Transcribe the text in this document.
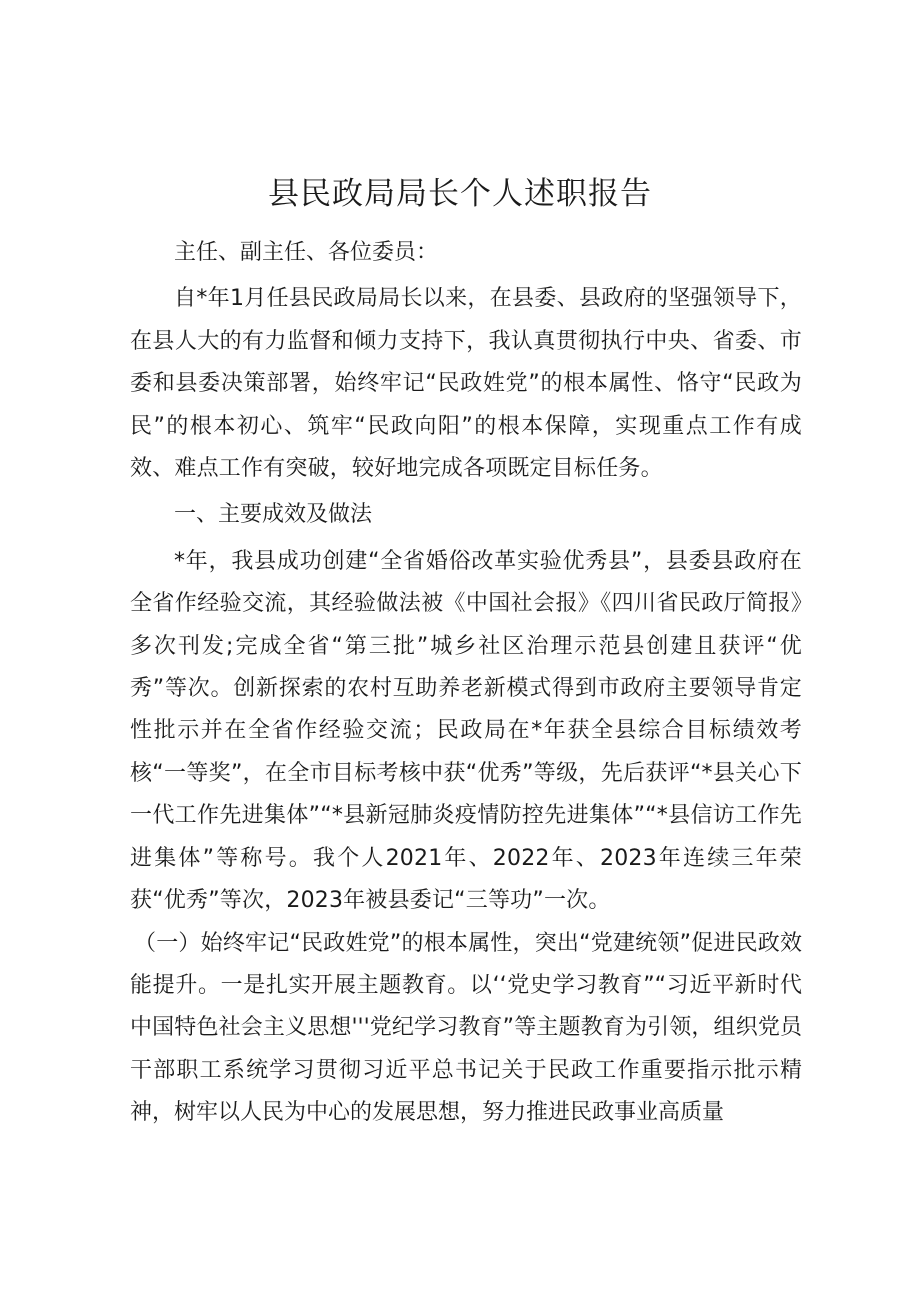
县民政局局长个人述职报告

主任、副主任、各位委员：

自*年1月任县民政局局长以来，在县委、县政府的坚强领导下，在县人大的有力监督和倾力支持下，我认真贯彻执行中央、省委、市委和县委决策部署，始终牢记“民政姓党”的根本属性、恪守“民政为民”的根本初心、筑牢“民政向阳”的根本保障，实现重点工作有成效、难点工作有突破，较好地完成各项既定目标任务。

一、主要成效及做法

*年，我县成功创建“全省婚俗改革实验优秀县”，县委县政府在全省作经验交流，其经验做法被《中国社会报》《四川省民政厅简报》多次刊发;完成全省“第三批”城乡社区治理示范县创建且获评“优秀”等次。创新探索的农村互助养老新模式得到市政府主要领导肯定性批示并在全省作经验交流；民政局在*年获全县综合目标绩效考核“一等奖”，在全市目标考核中获“优秀”等级，先后获评“*县关心下一代工作先进集体”“*县新冠肺炎疫情防控先进集体”“*县信访工作先进集体”等称号。我个人2021年、2022年、2023年连续三年荣获“优秀”等次，2023年被县委记“三等功”一次。

（一）始终牢记“民政姓党”的根本属性，突出“党建统领”促进民政效能提升。一是扎实开展主题教育。以‘‘党史学习教育”“习近平新时代中国特色社会主义思想'''党纪学习教育”等主题教育为引领，组织党员干部职工系统学习贯彻习近平总书记关于民政工作重要指示批示精神，树牢以人民为中心的发展思想，努力推进民政事业高质量
